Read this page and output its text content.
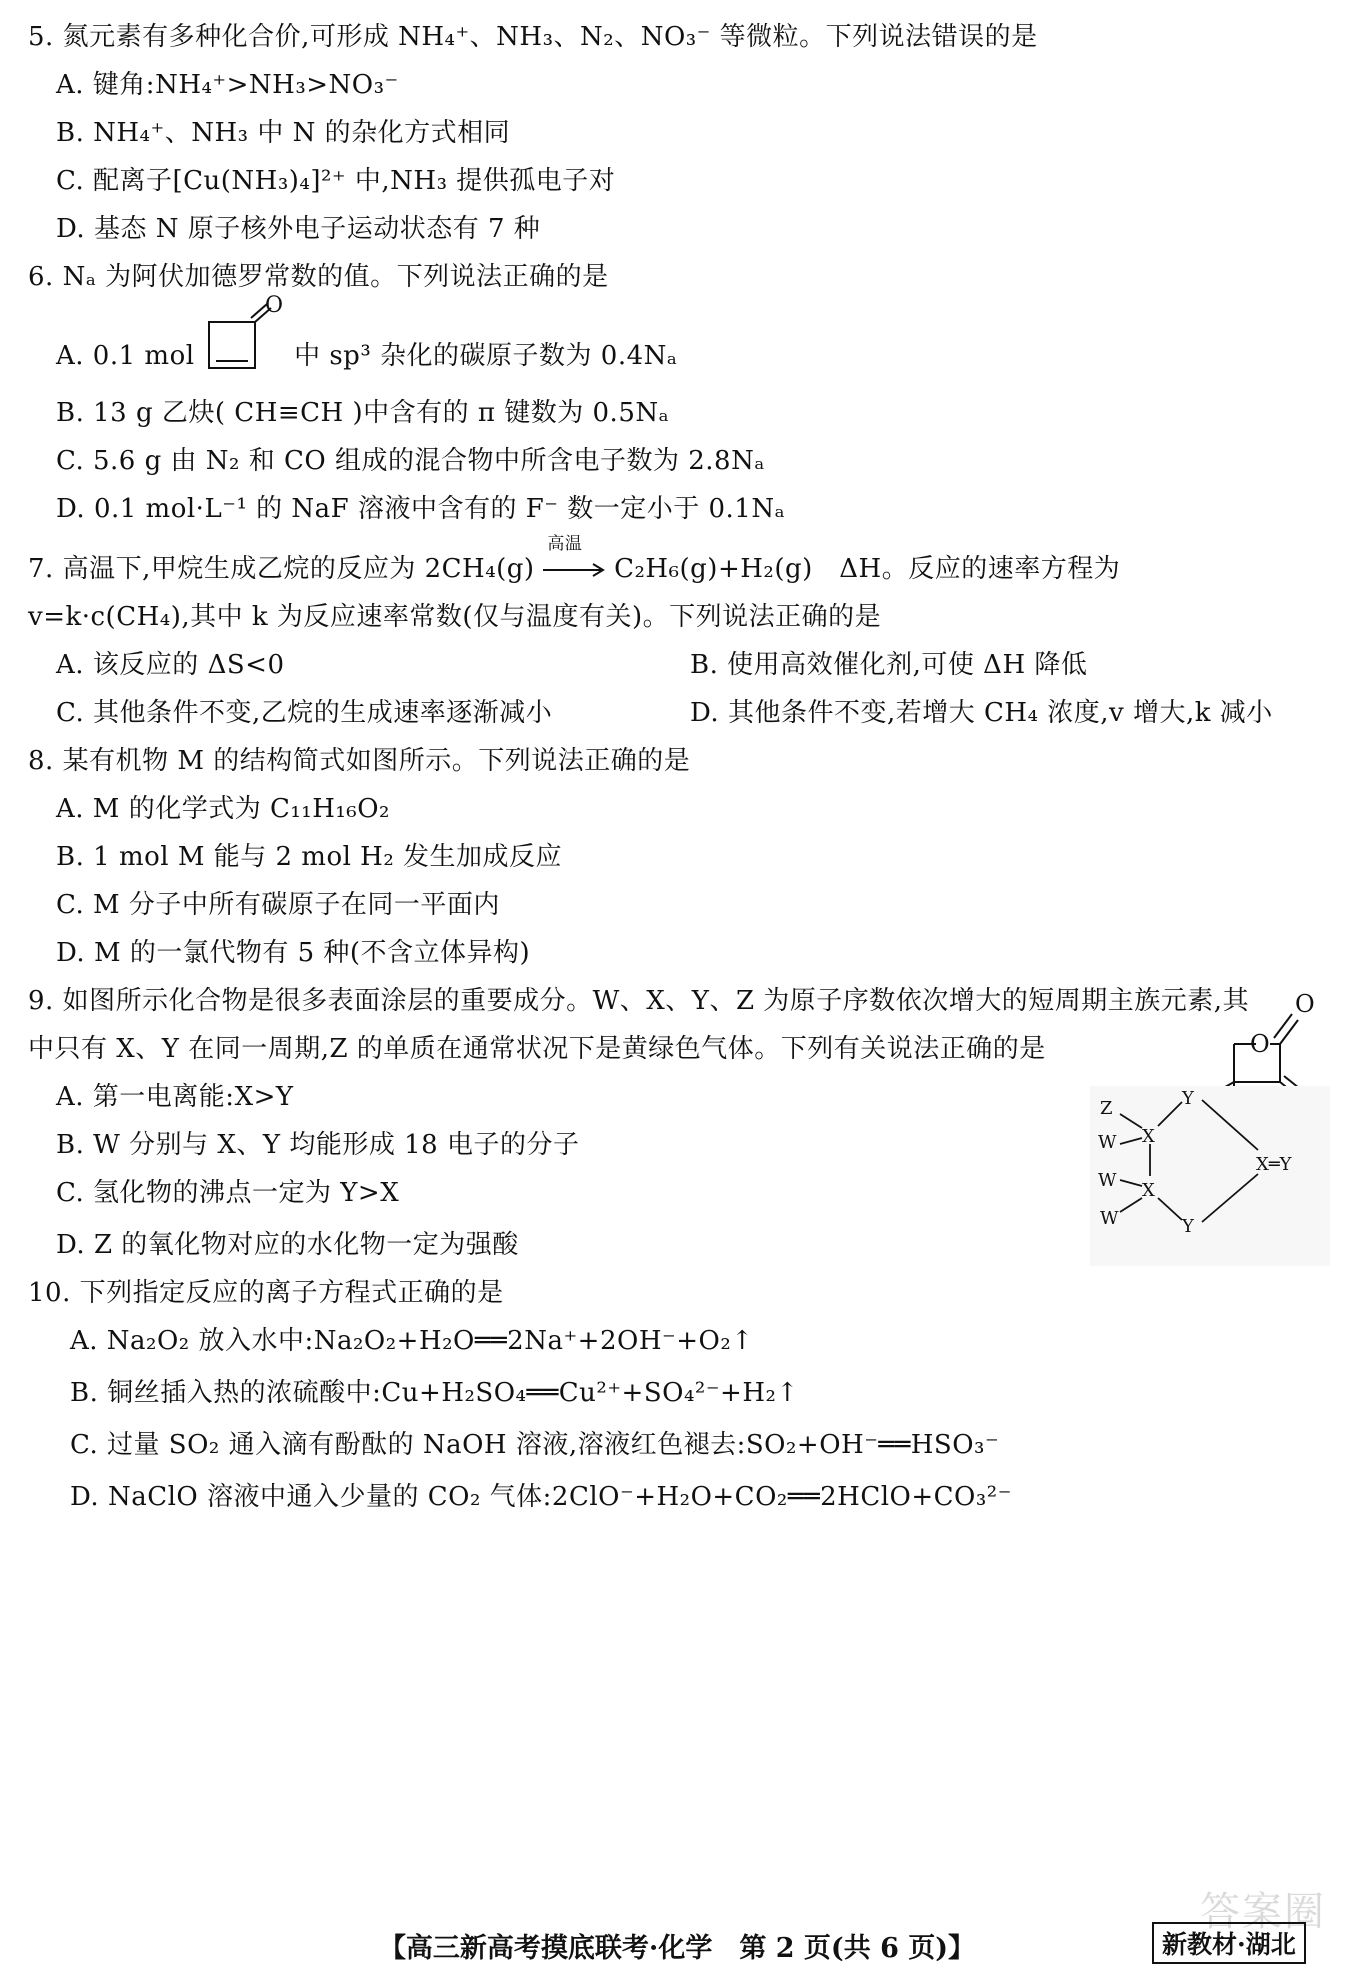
5. 氮元素有多种化合价,可形成 NH₄⁺、NH₃、N₂、NO₃⁻ 等微粒。下列说法错误的是
A. 键角:NH₄⁺>NH₃>NO₃⁻
B. NH₄⁺、NH₃ 中 N 的杂化方式相同
C. 配离子[Cu(NH₃)₄]²⁺ 中,NH₃ 提供孤电子对
D. 基态 N 原子核外电子运动状态有 7 种
6. Nₐ 为阿伏加德罗常数的值。下列说法正确的是
A. 0.1 mol
O
中 sp³ 杂化的碳原子数为 0.4Nₐ
B. 13 g 乙炔( CH≡CH )中含有的 π 键数为 0.5Nₐ
C. 5.6 g 由 N₂ 和 CO 组成的混合物中所含电子数为 2.8Nₐ
D. 0.1 mol·L⁻¹ 的 NaF 溶液中含有的 F⁻ 数一定小于 0.1Nₐ
7. 高温下,甲烷生成乙烷的反应为 2CH₄(g)
高温
C₂H₆(g)+H₂(g)　ΔH。反应的速率方程为
v=k·c(CH₄),其中 k 为反应速率常数(仅与温度有关)。下列说法正确的是
A. 该反应的 ΔS<0	B. 使用高效催化剂,可使 ΔH 降低
C. 其他条件不变,乙烷的生成速率逐渐减小	D. 其他条件不变,若增大 CH₄ 浓度,v 增大,k 减小
8. 某有机物 M 的结构简式如图所示。下列说法正确的是
A. M 的化学式为 C₁₁H₁₆O₂
B. 1 mol M 能与 2 mol H₂ 发生加成反应
C. M 分子中所有碳原子在同一平面内
D. M 的一氯代物有 5 种(不含立体异构)
O
O
9. 如图所示化合物是很多表面涂层的重要成分。W、X、Y、Z 为原子序数依次增大的短周期主族元素,其
中只有 X、Y 在同一周期,Z 的单质在通常状况下是黄绿色气体。下列有关说法正确的是
A. 第一电离能:X>Y
B. W 分别与 X、Y 均能形成 18 电子的分子
C. 氢化物的沸点一定为 Y>X
D. Z 的氧化物对应的水化物一定为强酸
Z
W X
Y
W X
W	Y
X═Y
10. 下列指定反应的离子方程式正确的是
A. Na₂O₂ 放入水中:Na₂O₂+H₂O══2Na⁺+2OH⁻+O₂↑
B. 铜丝插入热的浓硫酸中:Cu+H₂SO₄══Cu²⁺+SO₄²⁻+H₂↑
C. 过量 SO₂ 通入滴有酚酞的 NaOH 溶液,溶液红色褪去:SO₂+OH⁻══HSO₃⁻
D. NaClO 溶液中通入少量的 CO₂ 气体:2ClO⁻+H₂O+CO₂══2HClO+CO₃²⁻
答案圈
【高三新高考摸底联考·化学　第 2 页(共 6 页)】	新教材·湖北
